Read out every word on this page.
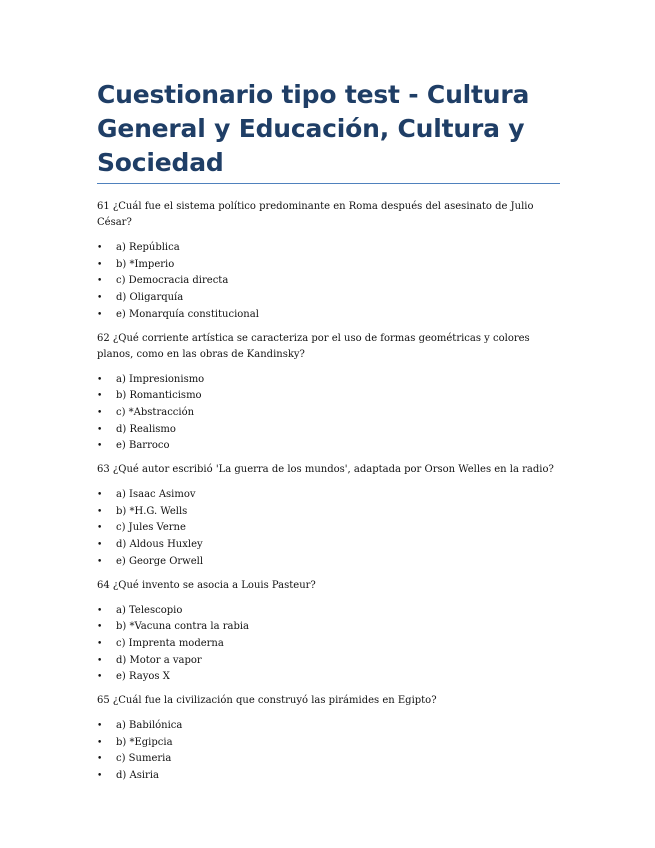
Cuestionario tipo test - Cultura General y Educación, Cultura y Sociedad

61 ¿Cuál fue el sistema político predominante en Roma después del asesinato de Julio César?

• a) República
• b) *Imperio
• c) Democracia directa
• d) Oligarquía
• e) Monarquía constitucional

62 ¿Qué corriente artística se caracteriza por el uso de formas geométricas y colores planos, como en las obras de Kandinsky?

• a) Impresionismo
• b) Romanticismo
• c) *Abstracción
• d) Realismo
• e) Barroco

63 ¿Qué autor escribió 'La guerra de los mundos', adaptada por Orson Welles en la radio?

• a) Isaac Asimov
• b) *H.G. Wells
• c) Jules Verne
• d) Aldous Huxley
• e) George Orwell

64 ¿Qué invento se asocia a Louis Pasteur?

• a) Telescopio
• b) *Vacuna contra la rabia
• c) Imprenta moderna
• d) Motor a vapor
• e) Rayos X

65 ¿Cuál fue la civilización que construyó las pirámides en Egipto?

• a) Babilónica
• b) *Egipcia
• c) Sumeria
• d) Asiria
